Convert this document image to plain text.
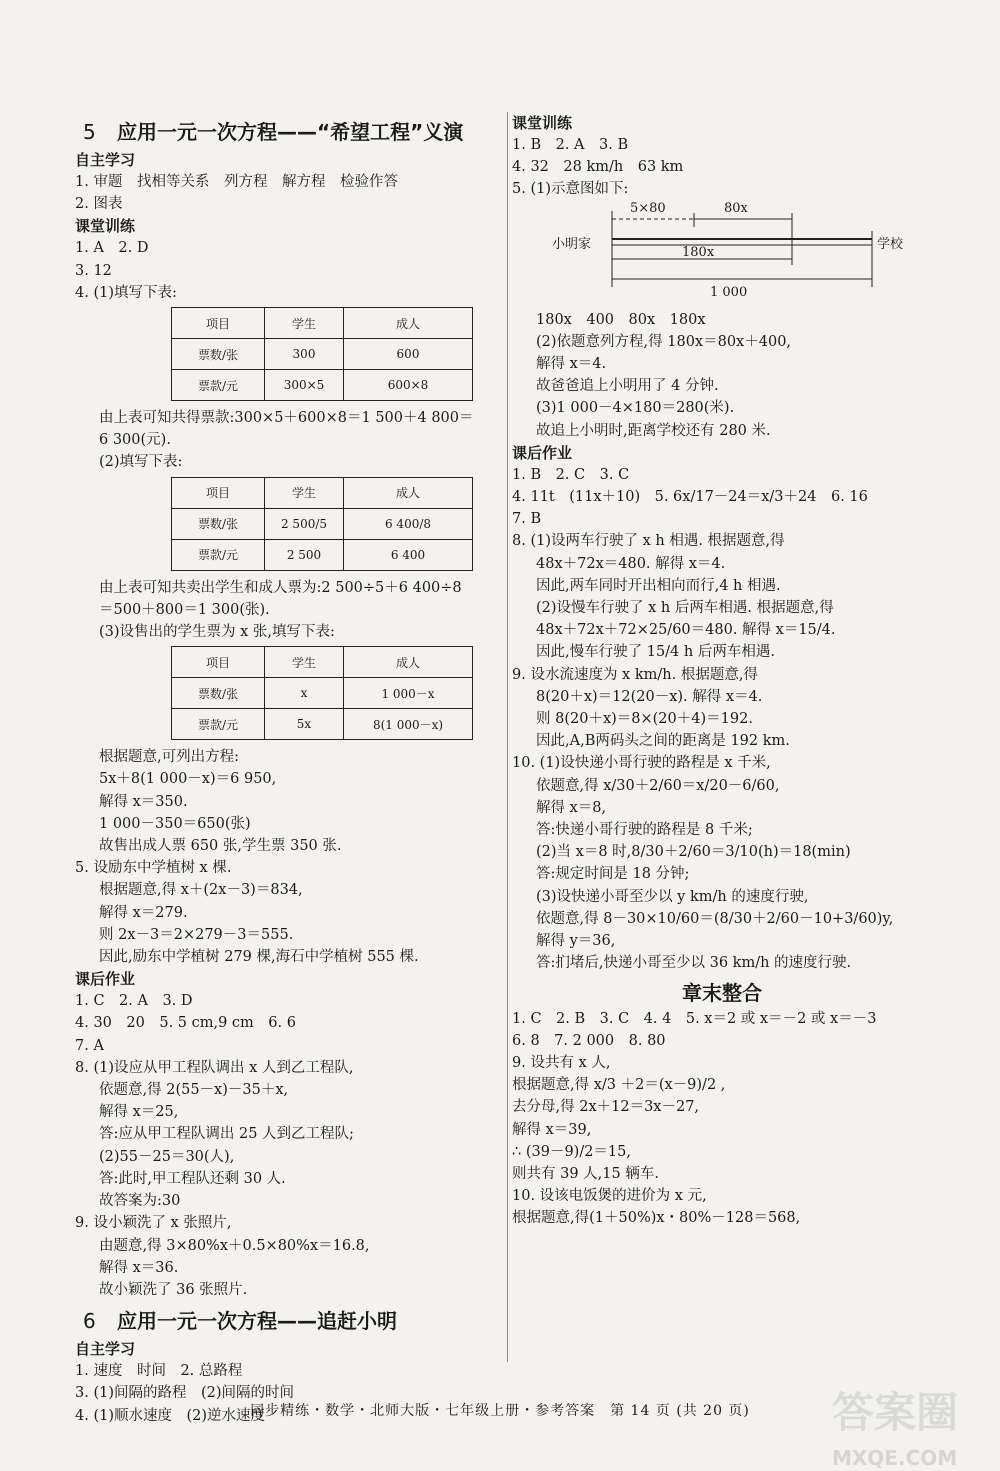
5 应用一元一次方程——“希望工程”义演
自主学习
1. 审题　找相等关系　列方程　解方程　检验作答
2. 图表
课堂训练
1. A　2. D
3. 12
4. (1)填写下表:
项目	学生	成人
票数/张	300	600
票款/元	300×5	600×8
由上表可知共得票款:300×5＋600×8＝1 500＋4 800＝
6 300(元).
(2)填写下表:
项目	学生	成人
票数/张	2 500/5	6 400/8
票款/元	2 500	6 400
由上表可知共卖出学生和成人票为:2 500÷5＋6 400÷8
＝500＋800＝1 300(张).
(3)设售出的学生票为 x 张,填写下表:
项目	学生	成人
票数/张	x	1 000－x
票款/元	5x	8(1 000－x)
根据题意,可列出方程:
5x＋8(1 000－x)＝6 950,
解得 x＝350.
1 000－350＝650(张)
故售出成人票 650 张,学生票 350 张.
5. 设励东中学植树 x 棵.
根据题意,得 x＋(2x－3)＝834,
解得 x＝279.
则 2x－3＝2×279－3＝555.
因此,励东中学植树 279 棵,海石中学植树 555 棵.
课后作业
1. C　2. A　3. D
4. 30　20　5. 5 cm,9 cm　6. 6
7. A
8. (1)设应从甲工程队调出 x 人到乙工程队,
依题意,得 2(55－x)－35＋x,
解得 x＝25,
答:应从甲工程队调出 25 人到乙工程队;
(2)55－25＝30(人),
答:此时,甲工程队还剩 30 人.
故答案为:30
9. 设小颖洗了 x 张照片,
由题意,得 3×80%x＋0.5×80%x＝16.8,
解得 x＝36.
故小颖洗了 36 张照片.
6 应用一元一次方程——追赶小明
自主学习
1. 速度　时间　2. 总路程
3. (1)间隔的路程　(2)间隔的时间
4. (1)顺水速度　(2)逆水速度
课堂训练
1. B　2. A　3. B
4. 32　28 km/h　63 km
5. (1)示意图如下:
5×80	80x
小明家	学校
180x
1 000
180x　400　80x　180x
(2)依题意列方程,得 180x＝80x＋400,
解得 x＝4.
故爸爸追上小明用了 4 分钟.
(3)1 000－4×180＝280(米).
故追上小明时,距离学校还有 280 米.
课后作业
1. B　2. C　3. C
4. 11t　(11x＋10)　5. 6x/17－24＝x/3＋24　6. 16
7. B
8. (1)设两车行驶了 x h 相遇. 根据题意,得
48x＋72x＝480. 解得 x＝4.
因此,两车同时开出相向而行,4 h 相遇.
(2)设慢车行驶了 x h 后两车相遇. 根据题意,得
48x＋72x＋72×25/60＝480. 解得 x＝15/4.
因此,慢车行驶了 15/4 h 后两车相遇.
9. 设水流速度为 x km/h. 根据题意,得
8(20＋x)＝12(20－x). 解得 x＝4.
则 8(20＋x)＝8×(20＋4)＝192.
因此,A,B两码头之间的距离是 192 km.
10. (1)设快递小哥行驶的路程是 x 千米,
依题意,得 x/30＋2/60＝x/20－6/60,
解得 x＝8,
答:快递小哥行驶的路程是 8 千米;
(2)当 x＝8 时,8/30＋2/60＝3/10(h)＝18(min)
答:规定时间是 18 分钟;
(3)设快递小哥至少以 y km/h 的速度行驶,
依题意,得 8－30×10/60＝(8/30＋2/60－10+3/60)y,
解得 y＝36,
答:扪堵后,快递小哥至少以 36 km/h 的速度行驶.
章末整合
1. C　2. B　3. C　4. 4　5. x＝2 或 x＝－2 或 x＝－3
6. 8　7. 2 000　8. 80
9. 设共有 x 人,
根据题意,得 x/3 ＋2＝(x－9)/2 ,
去分母,得 2x＋12＝3x－27,
解得 x＝39,
∴ (39－9)/2＝15,
则共有 39 人,15 辆车.
10. 设该电饭煲的进价为 x 元,
根据题意,得(1＋50%)x・80%－128＝568,
同步精练・数学・北师大版・七年级上册・参考答案　第 14 页 (共 20 页)	答案圈
MXQE.COM
